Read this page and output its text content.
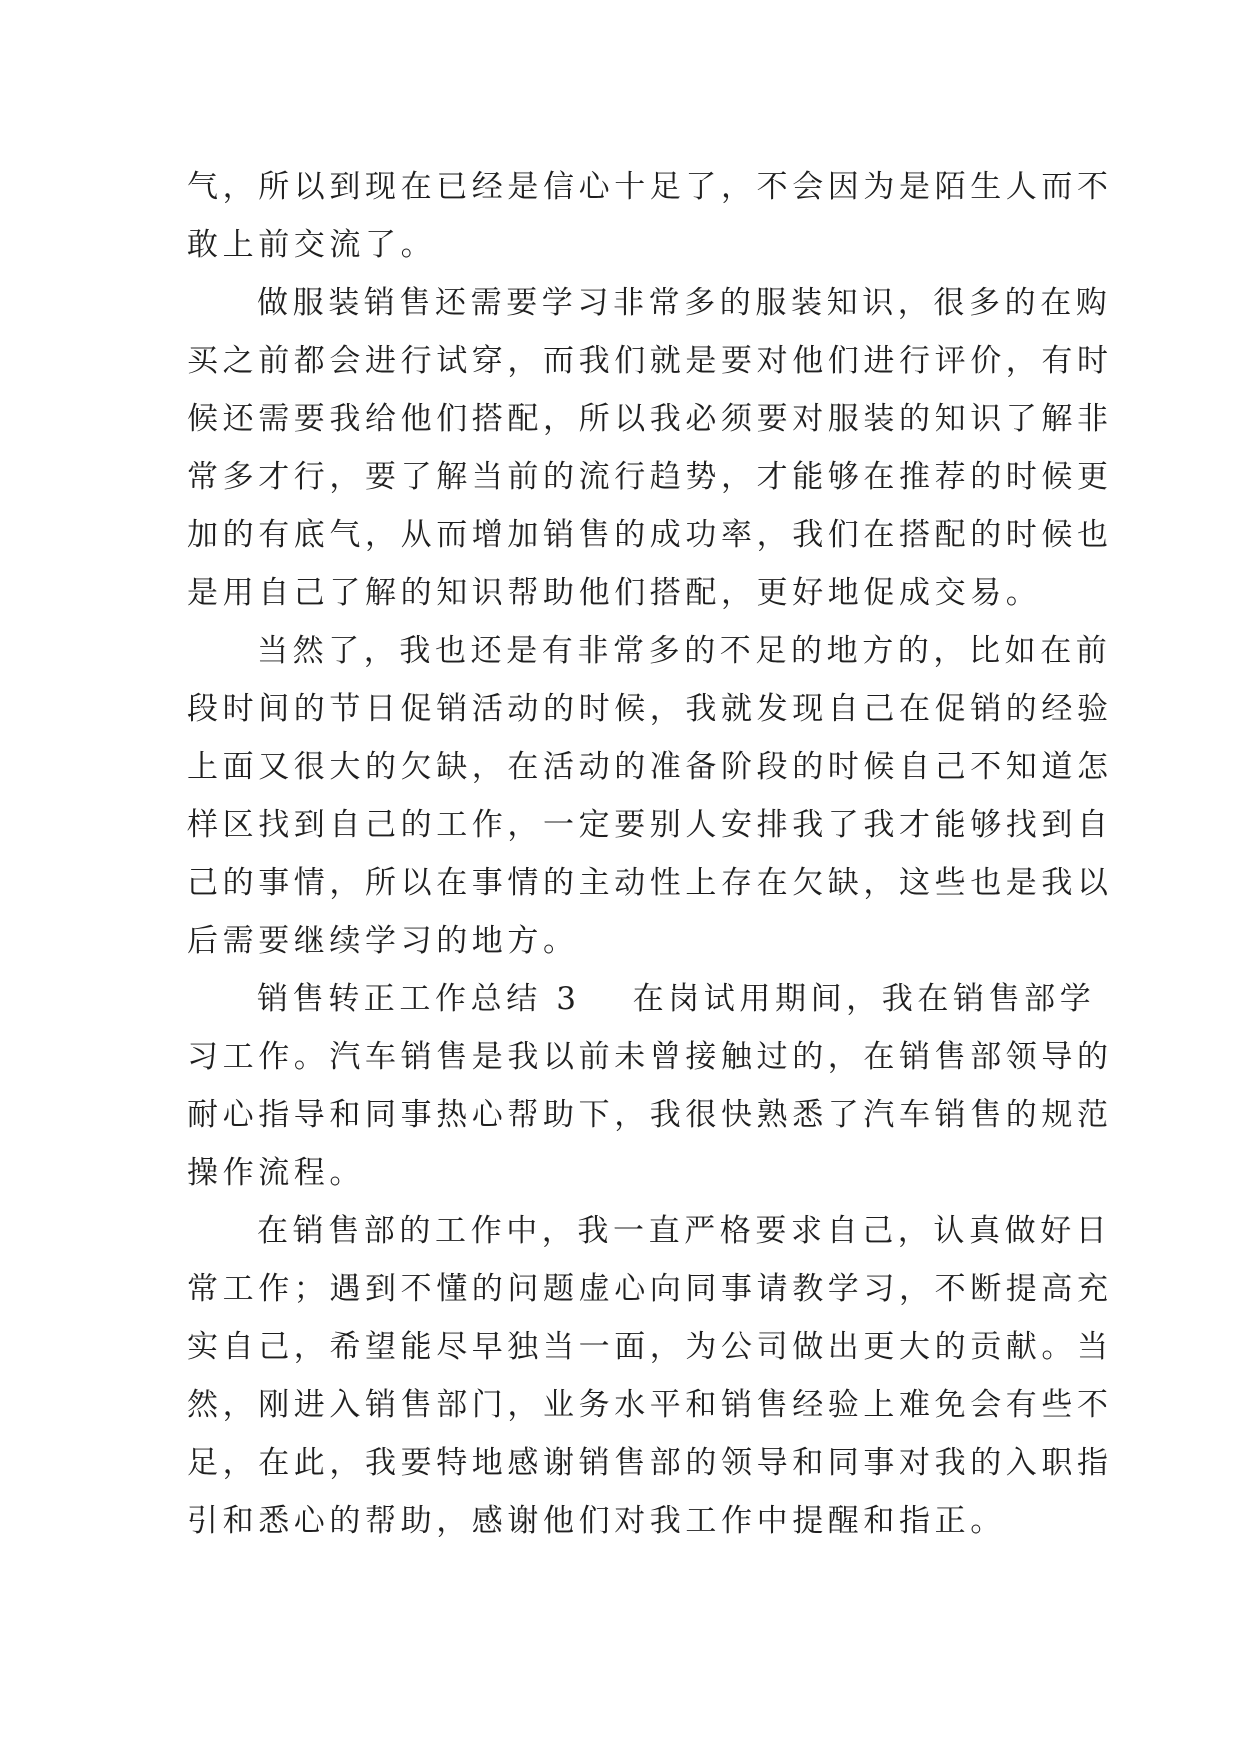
气，所以到现在已经是信心十足了，不会因为是陌生人而不
敢上前交流了。
做服装销售还需要学习非常多的服装知识，很多的在购
买之前都会进行试穿，而我们就是要对他们进行评价，有时
候还需要我给他们搭配，所以我必须要对服装的知识了解非
常多才行，要了解当前的流行趋势，才能够在推荐的时候更
加的有底气，从而增加销售的成功率，我们在搭配的时候也
是用自己了解的知识帮助他们搭配，更好地促成交易。
当然了，我也还是有非常多的不足的地方的，比如在前
段时间的节日促销活动的时候，我就发现自己在促销的经验
上面又很大的欠缺，在活动的准备阶段的时候自己不知道怎
样区找到自己的工作，一定要别人安排我了我才能够找到自
己的事情，所以在事情的主动性上存在欠缺，这些也是我以
后需要继续学习的地方。
销售转正工作总结 3 在岗试用期间，我在销售部学
习工作。汽车销售是我以前未曾接触过的，在销售部领导的
耐心指导和同事热心帮助下，我很快熟悉了汽车销售的规范
操作流程。
在销售部的工作中，我一直严格要求自己，认真做好日
常工作；遇到不懂的问题虚心向同事请教学习，不断提高充
实自己，希望能尽早独当一面，为公司做出更大的贡献。当
然，刚进入销售部门，业务水平和销售经验上难免会有些不
足，在此，我要特地感谢销售部的领导和同事对我的入职指
引和悉心的帮助，感谢他们对我工作中提醒和指正。
